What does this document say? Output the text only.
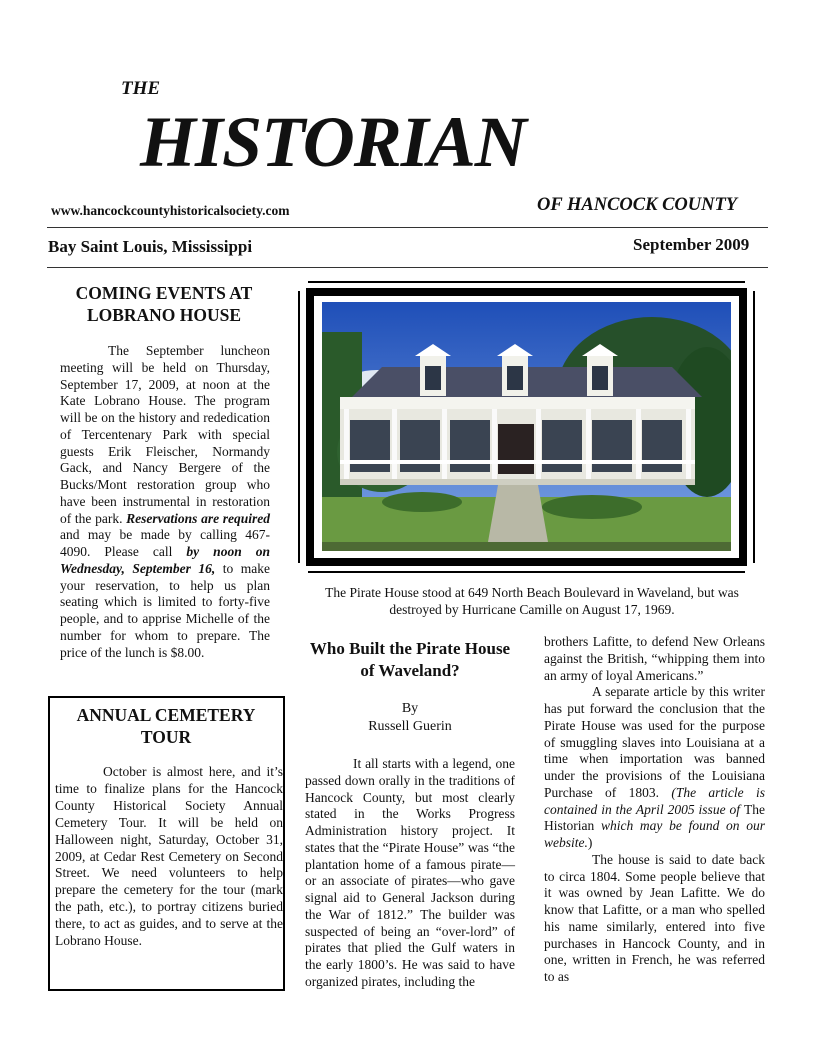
THE
HISTORIAN
www.hancockcountyhistoricalsociety.com	OF HANCOCK COUNTY
Bay Saint Louis, Mississippi	September 2009
COMING EVENTS AT LOBRANO HOUSE

The September luncheon meeting will be held on Thursday, September 17, 2009, at noon at the Kate Lobrano House. The program will be on the history and rededication of Tercentenary Park with special guests Erik Fleischer, Normandy Gack, and Nancy Bergere of the Bucks/Mont restoration group who have been instrumental in restoration of the park. Reservations are required and may be made by calling 467-4090. Please call by noon on Wednesday, September 16, to make your reservation, to help us plan seating which is limited to forty-five people, and to apprise Michelle of the number for whom to prepare. The price of the lunch is $8.00.

ANNUAL CEMETERY TOUR

October is almost here, and it’s time to finalize plans for the Hancock County Historical Society Annual Cemetery Tour. It will be held on Halloween night, Saturday, October 31, 2009, at Cedar Rest Cemetery on Second Street. We need volunteers to help prepare the cemetery for the tour (mark the path, etc.), to portray citizens buried there, to act as guides, and to serve at the Lobrano House.

The Pirate House stood at 649 North Beach Boulevard in Waveland, but was destroyed by Hurricane Camille on August 17, 1969.
Who Built the Pirate House of Waveland?
By
Russell Guerin

It all starts with a legend, one passed down orally in the traditions of Hancock County, but most clearly stated in the Works Progress Administration history project. It states that the “Pirate House” was “the plantation home of a famous pirate—or an associate of pirates—who gave signal aid to General Jackson during the War of 1812.” The builder was suspected of being an “over-lord” of pirates that plied the Gulf waters in the early 1800’s. He was said to have organized pirates, including the

brothers Lafitte, to defend New Orleans against the British, “whipping them into an army of loyal Americans.”

A separate article by this writer has put forward the conclusion that the Pirate House was used for the purpose of smuggling slaves into Louisiana at a time when importation was banned under the provisions of the Louisiana Purchase of 1803. (The article is contained in the April 2005 issue of The Historian which may be found on our website.)

The house is said to date back to circa 1804. Some people believe that it was owned by Jean Lafitte. We do know that Lafitte, or a man who spelled his name similarly, entered into five purchases in Hancock County, and in one, written in French, he was referred to as
